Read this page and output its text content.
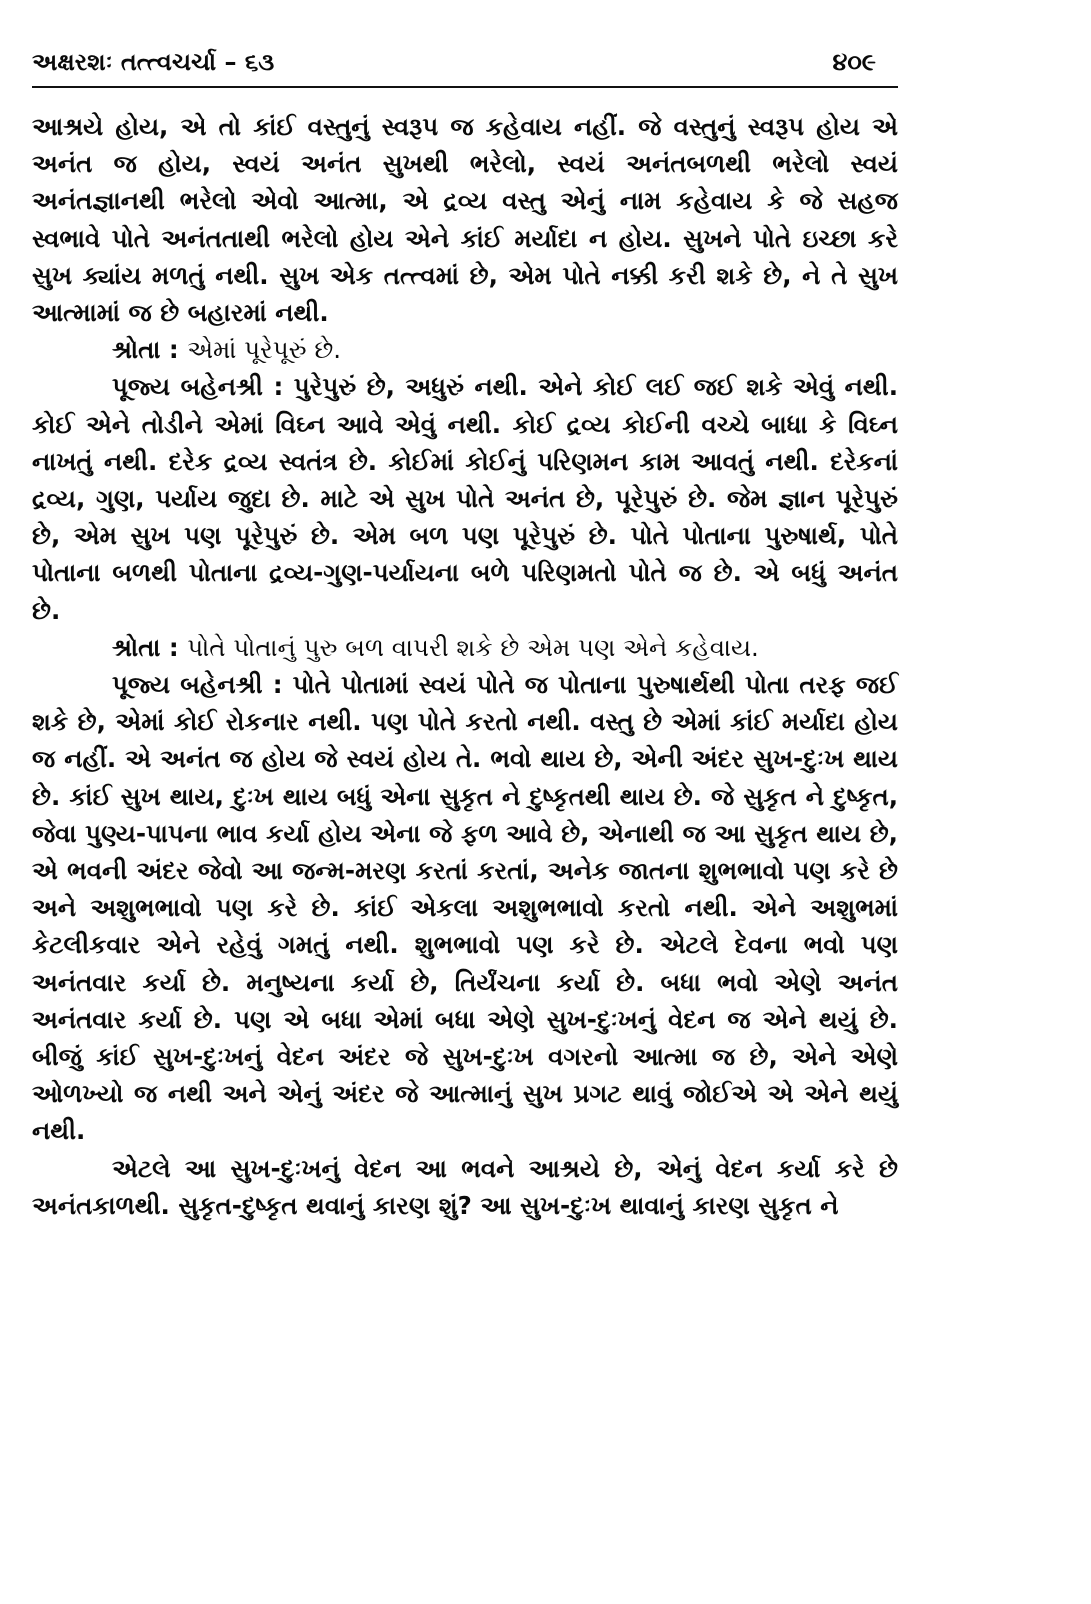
અક્ષરશઃ તત્ત્વચર્ચા – ૬૩	૪૦૯

આશ્રયે હોય, એ તો કાંઈ વસ્તુનું સ્વરૂપ જ કહેવાય નહીં. જે વસ્તુનું સ્વરૂપ હોય એ અનંત જ હોય, સ્વયં અનંત સુખથી ભરેલો, સ્વયં અનંતબળથી ભરેલો સ્વયં અનંતજ્ઞાનથી ભરેલો એવો આત્મા, એ દ્રવ્ય વસ્તુ એનું નામ કહેવાય કે જે સહજ સ્વભાવે પોતે અનંતતાથી ભરેલો હોય એને કાંઈ મર્યાદા ન હોય. સુખને પોતે ઇચ્છા કરે સુખ ક્યાંય મળતું નથી. સુખ એક તત્ત્વમાં છે, એમ પોતે નક્કી કરી શકે છે, ને તે સુખ આત્મામાં જ છે બહારમાં નથી.

શ્રોતા : એમાં પૂરેપૂરું છે.

પૂજ્ય બહેનશ્રી : પુરેપુરું છે, અધુરું નથી. એને કોઈ લઈ જઈ શકે એવું નથી. કોઈ એને તોડીને એમાં વિઘ્ન આવે એવું નથી. કોઈ દ્રવ્ય કોઈની વચ્ચે બાધા કે વિઘ્ન નાખતું નથી. દરેક દ્રવ્ય સ્વતંત્ર છે. કોઈમાં કોઈનું પરિણમન કામ આવતું નથી. દરેકનાં દ્રવ્ય, ગુણ, પર્યાય જુદા છે. માટે એ સુખ પોતે અનંત છે, પૂરેપુરું છે. જેમ જ્ઞાન પૂરેપુરું છે, એમ સુખ પણ પૂરેપુરું છે. એમ બળ પણ પૂરેપુરું છે. પોતે પોતાના પુરુષાર્થ, પોતે પોતાના બળથી પોતાના દ્રવ્ય-ગુણ-પર્યાયના બળે પરિણમતો પોતે જ છે. એ બધું અનંત છે.

શ્રોતા : પોતે પોતાનું પુરુ બળ વાપરી શકે છે એમ પણ એને કહેવાય.

પૂજ્ય બહેનશ્રી : પોતે પોતામાં સ્વયં પોતે જ પોતાના પુરુષાર્થથી પોતા તરફ જઈ શકે છે, એમાં કોઈ રોકનાર નથી. પણ પોતે કરતો નથી. વસ્તુ છે એમાં કાંઈ મર્યાદા હોય જ નહીં. એ અનંત જ હોય જે સ્વયં હોય તે. ભવો થાય છે, એની અંદર સુખ-દુઃખ થાય છે. કાંઈ સુખ થાય, દુઃખ થાય બધું એના સુકૃત ને દુષ્કૃતથી થાય છે. જે સુકૃત ને દુષ્કૃત, જેવા પુણ્ય-પાપના ભાવ કર્યા હોય એના જે ફળ આવે છે, એનાથી જ આ સુકૃત થાય છે, એ ભવની અંદર જેવો આ જન્મ-મરણ કરતાં કરતાં, અનેક જાતના શુભભાવો પણ કરે છે અને અશુભભાવો પણ કરે છે. કાંઈ એકલા અશુભભાવો કરતો નથી. એને અશુભમાં કેટલીકવાર એને રહેવું ગમતું નથી. શુભભાવો પણ કરે છે. એટલે દેવના ભવો પણ અનંતવાર કર્યા છે. મનુષ્યના કર્યા છે, તિર્યંચના કર્યા છે. બધા ભવો એણે અનંત અનંતવાર કર્યા છે. પણ એ બધા એમાં બધા એણે સુખ-દુઃખનું વેદન જ એને થયું છે. બીજું કાંઈ સુખ-દુઃખનું વેદન અંદર જે સુખ-દુઃખ વગરનો આત્મા જ છે, એને એણે ઓળખ્યો જ નથી અને એનું અંદર જે આત્માનું સુખ પ્રગટ થાવું જોઈએ એ એને થયું નથી.

એટલે આ સુખ-દુઃખનું વેદન આ ભવને આશ્રયે છે, એનું વેદન કર્યા કરે છે અનંતકાળથી. સુકૃત-દુષ્કૃત થવાનું કારણ શું? આ સુખ-દુઃખ થાવાનું કારણ સુકૃત ને
